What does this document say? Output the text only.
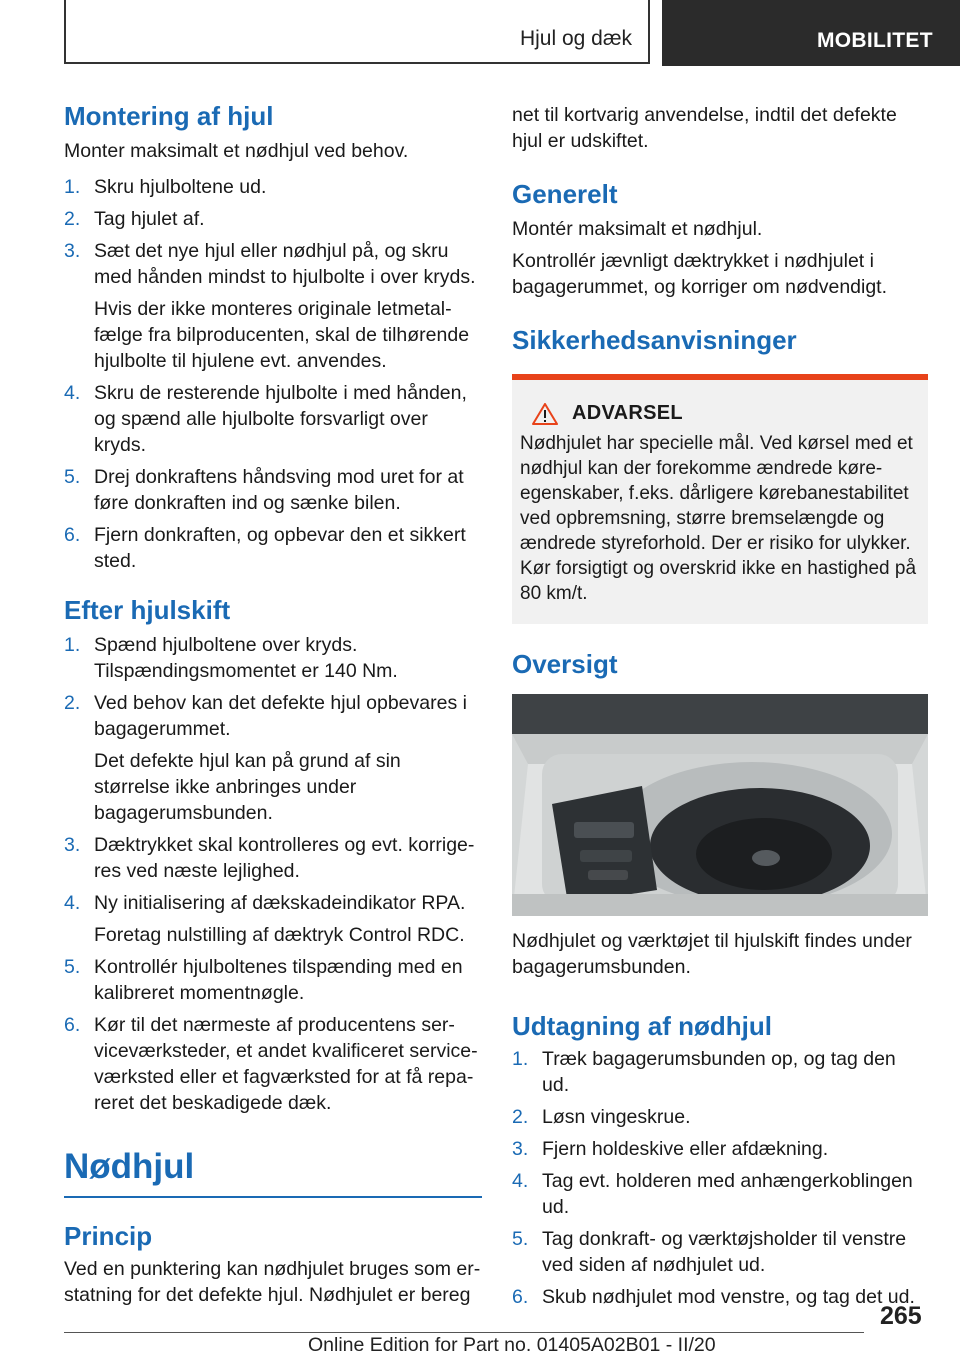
Hjul og dæk	MOBILITET
Montering af hjul

Monter maksimalt et nødhjul ved behov.

1. Skru hjulboltene ud.
2. Tag hjulet af.
3. Sæt det nye hjul eller nødhjul på, og skru med hånden mindst to hjulbolte i over kryds.

Hvis der ikke monteres originale letmetalfælge fra bilproducenten, skal de tilhørende hjulbolte til hjulene evt. anvendes.

4. Skru de resterende hjulbolte i med hånden, og spænd alle hjulbolte forsvarligt over kryds.
5. Drej donkraftens håndsving mod uret for at føre donkraften ind og sænke bilen.
6. Fjern donkraften, og opbevar den et sikkert sted.
Efter hjulskift
1. Spænd hjulboltene over kryds. Tilspændingsmomentet er 140 Nm.
2. Ved behov kan det defekte hjul opbevares i bagagerummet.

Det defekte hjul kan på grund af sin størrelse ikke anbringes under bagagerumsbunden.

3. Dæktrykket skal kontrolleres og evt. korrigeres ved næste lejlighed.
4. Ny initialisering af dækskadeindikator RPA.

Foretag nulstilling af dæktryk Control RDC.

5. Kontrollér hjulboltenes tilspænding med en kalibreret momentnøgle.
6. Kør til det nærmeste af producentens serviceværksteder, et andet kvalificeret serviceværksted eller et fagværksted for at få repareret det beskadigede dæk.
Nødhjul
Princip

Ved en punktering kan nødhjulet bruges som erstatning for det defekte hjul. Nødhjulet er bereg

net til kortvarig anvendelse, indtil det defekte hjul er udskiftet.

Generelt

Montér maksimalt et nødhjul.

Kontrollér jævnligt dæktrykket i nødhjulet i bagagerummet, og korriger om nødvendigt.

Sikkerhedsanvisninger
ADVARSEL

Nødhjulet har specielle mål. Ved kørsel med et nødhjul kan der forekomme ændrede køreegenskaber, f.eks. dårligere kørebanestabilitet ved opbremsning, større bremselængde og ændrede styreforhold. Der er risiko for ulykker. Kør forsigtigt og overskrid ikke en hastighed på 80 km/t.

Oversigt

Nødhjulet og værktøjet til hjulskift findes under bagagerumsbunden.

Udtagning af nødhjul
1. Træk bagagerumsbunden op, og tag den ud.
2. Løsn vingeskrue.
3. Fjern holdeskive eller afdækning.
4. Tag evt. holderen med anhængerkoblingen ud.
5. Tag donkraft- og værktøjsholder til venstre ved siden af nødhjulet ud.
6. Skub nødhjulet mod venstre, og tag det ud.
265
Online Edition for Part no. 01405A02B01 - II/20
